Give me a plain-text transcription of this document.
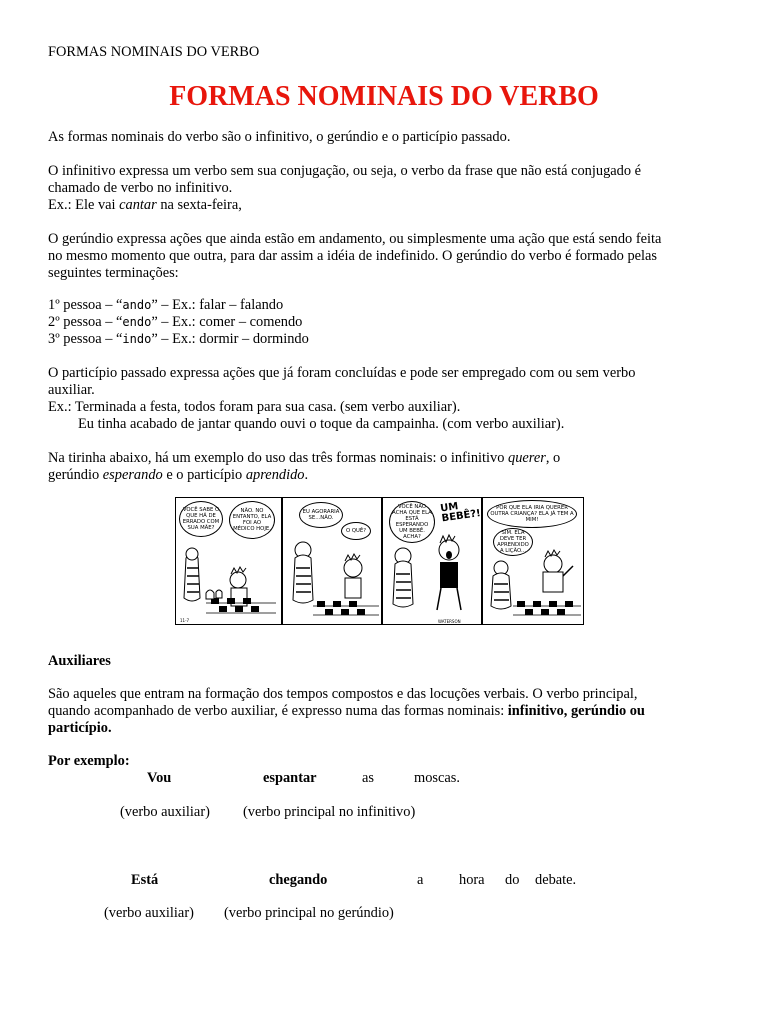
FORMAS NOMINAIS DO VERBO
FORMAS NOMINAIS DO VERBO

As formas nominais do verbo são o infinitivo, o gerúndio e o particípio passado.

O infinitivo expressa um verbo sem sua conjugação, ou seja, o verbo da frase que não está conjugado é

chamado de verbo no infinitivo.

Ex.: Ele vai cantar na sexta-feira,

O gerúndio expressa ações que ainda estão em andamento, ou simplesmente uma ação que está sendo feita

no mesmo momento que outra, para dar assim a idéia de indefinido. O gerúndio do verbo é formado pelas

seguintes terminações:

1º pessoa – “ando” – Ex.: falar – falando

2º pessoa – “endo” – Ex.: comer – comendo

3º pessoa – “indo” – Ex.: dormir – dormindo

O particípio passado expressa ações que já foram concluídas e pode ser empregado com ou sem verbo

auxiliar.

Ex.: Terminada a festa, todos foram para sua casa. (sem verbo auxiliar).

Eu tinha acabado de jantar quando ouvi o toque da campainha. (com verbo auxiliar).

Na tirinha abaixo, há um exemplo do uso das três formas nominais: o infinitivo querer, o

gerúndio esperando e o particípio aprendido.

VOCÊ SABE O QUE HÁ DE ERRADO COM SUA MÃE?
NÃO. NO ENTANTO, ELA FOI AO MÉDICO HOJE.
11-7
EU AGORARIA SE...NÃO.
O QUÊ?
VOCÊ NÃO ACHA QUE ELA ESTÁ ESPERANDO UM BEBÊ. ACHA?
UM BEBÊ?!
POR QUE ELA IRIA QUERER OUTRA CRIANÇA? ELA JÁ TEM A MIM!
SIM. ELA DEVE TER APRENDIDO A LIÇÃO...
WATERSON
Auxiliares

São aqueles que entram na formação dos tempos compostos e das locuções verbais. O verbo principal,

quando acompanhado de verbo auxiliar, é expresso numa das formas nominais: infinitivo, gerúndio ou

particípio.

Por exemplo:
Vou	espantar	as	moscas.
(verbo auxiliar) (verbo principal no infinitivo)
Está	chegando	a hora do debate.
(verbo auxiliar) (verbo principal no gerúndio)
